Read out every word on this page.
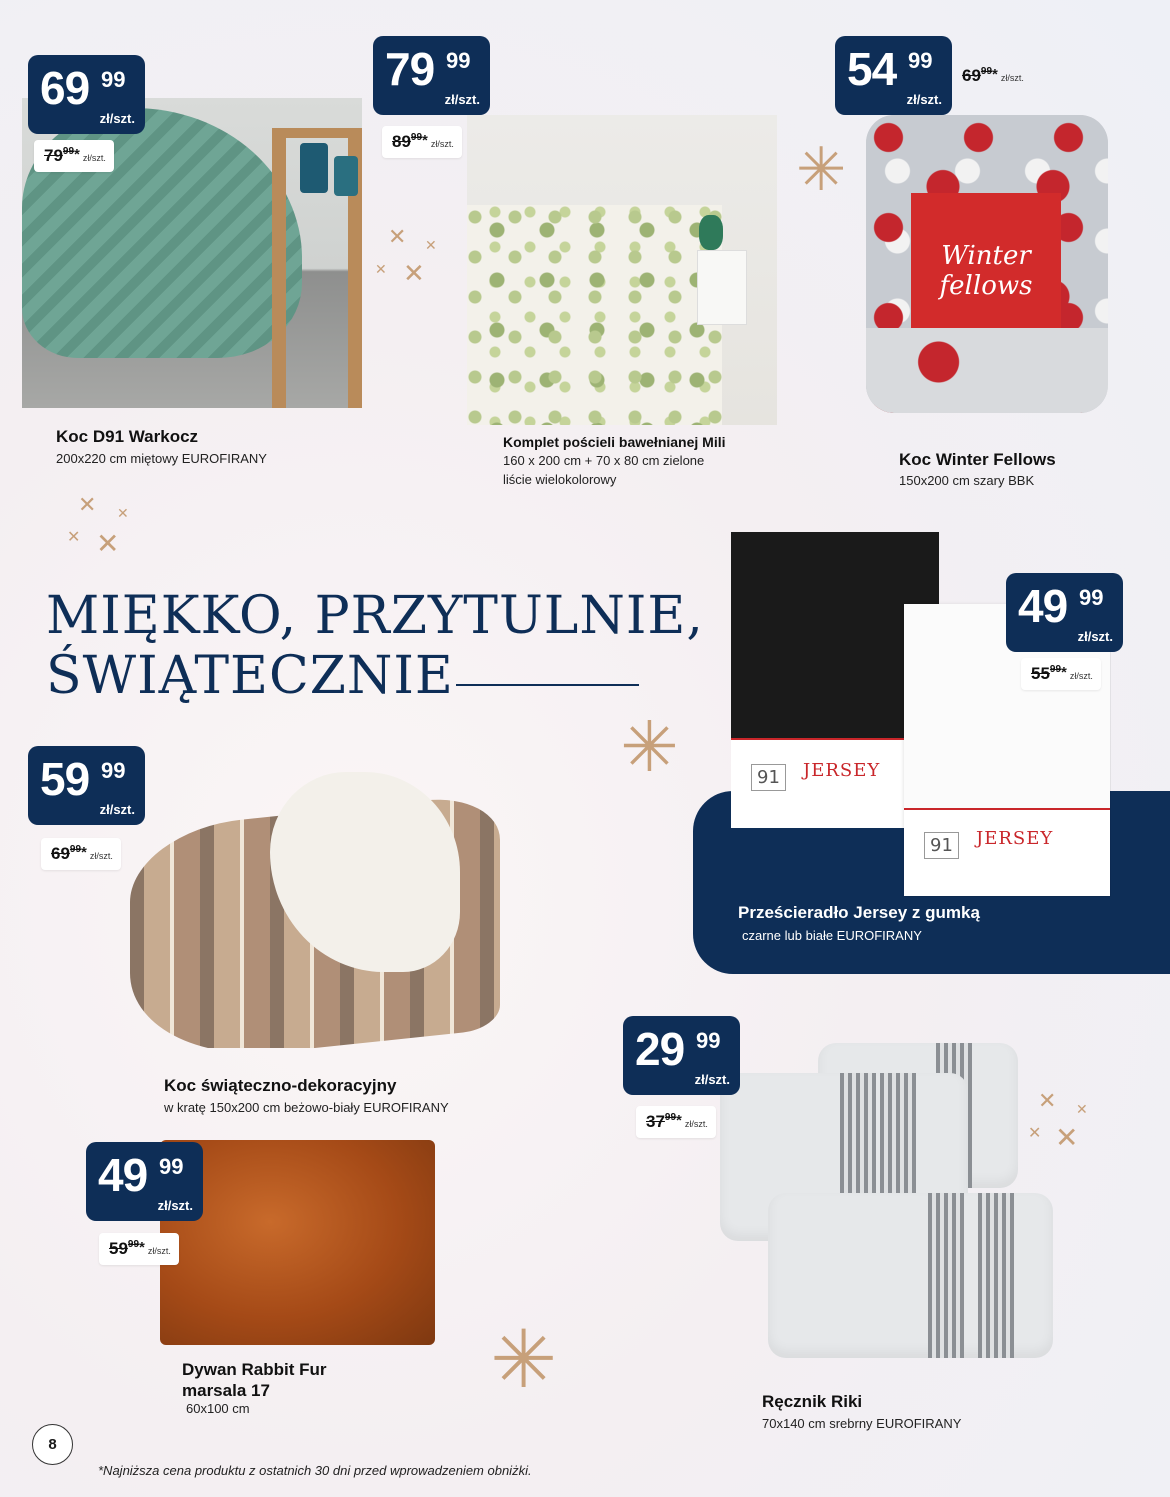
69 99
zł/szt.
79 99 * zł/szt.
Koc D91 Warkocz
200x220 cm miętowy EUROFIRANY
79 99
zł/szt.
89 99 * zł/szt.
Komplet pościeli bawełnianej Mili
160 x 200 cm + 70 x 80 cm zielone
liście wielokolorowy
Winter fellows
54 99
zł/szt.
69 99 * zł/szt.
Koc Winter Fellows
150x200 cm szary BBK
MIĘKKO, PRZYTULNIE,
ŚWIĄTECZNIE
91	JERSEY
91	JERSEY
49 99
zł/szt.
55 99 * zł/szt.
Prześcieradło Jersey z gumką
czarne lub białe EUROFIRANY
59 99
zł/szt.
69 99 * zł/szt.
Koc świąteczno-dekoracyjny
w kratę 150x200 cm beżowo-biały EUROFIRANY
49 99
zł/szt.
59 99 * zł/szt.
Dywan Rabbit Fur
marsala 17
60x100 cm
29 99
zł/szt.
37 99 * zł/szt.
Ręcznik Riki
70x140 cm srebrny EUROFIRANY
✕ ✕
✕ ✕
✳
✕ ✕
✕ ✕
✳
✕ ✕
✕ ✕
✳
8
*Najniższa cena produktu z ostatnich 30 dni przed wprowadzeniem obniżki.
